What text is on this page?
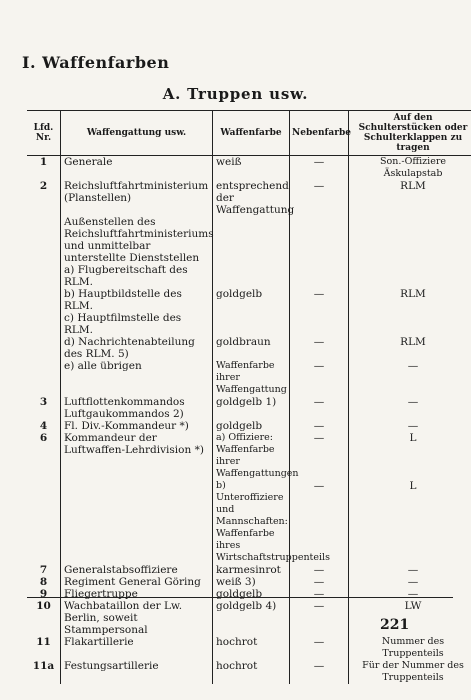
I. Waffenfarben
A. Truppen usw.
Lfd. Nr.	Waffengattung usw.	Waffenfarbe	Nebenfarbe	Auf den Schulterstücken oder Schulterklappen zu tragen
1	Generale	weiß	—	Son.-Offiziere Äskulapstab
2	Reichsluftfahrtministerium (Planstellen)	entsprechend der Waffengattung	—	RLM
	Außenstellen des Reichsluftfahrtministeriums und unmittelbar unterstellte Dienststellen			
	a) Flugbereitschaft des RLM.			
	b) Hauptbildstelle des RLM.	goldgelb	—	RLM
	c) Hauptfilmstelle des RLM.			
	d) Nachrichtenabteilung des RLM. 5)	goldbraun	—	RLM
	e) alle übrigen	Waffenfarbe ihrer Waffengattung	—	—
3	Luftflottenkommandos Luftgaukommandos 2)	goldgelb 1)	—	—
4	Fl. Div.-Kommandeur *)	goldgelb	—	—
6	Kommandeur der Luftwaffen-Lehrdivision *)	a) Offiziere: Waffenfarbe ihrer Waffengattungen	—	L
		b) Unteroffiziere und Mannschaften: Waffenfarbe ihres Wirtschaftstruppenteils	—	L
7	Generalstabsoffiziere	karmesinrot	—	—
8	Regiment General Göring	weiß 3)	—	—
9	Fliegertruppe	goldgelb	—	—
10	Wachbataillon der Lw. Berlin, soweit Stammpersonal	goldgelb 4)	—	LW
11	Flakartillerie	hochrot	—	Nummer des Truppenteils
11a	Festungsartillerie	hochrot	—	Für der Nummer des Truppenteils
221
